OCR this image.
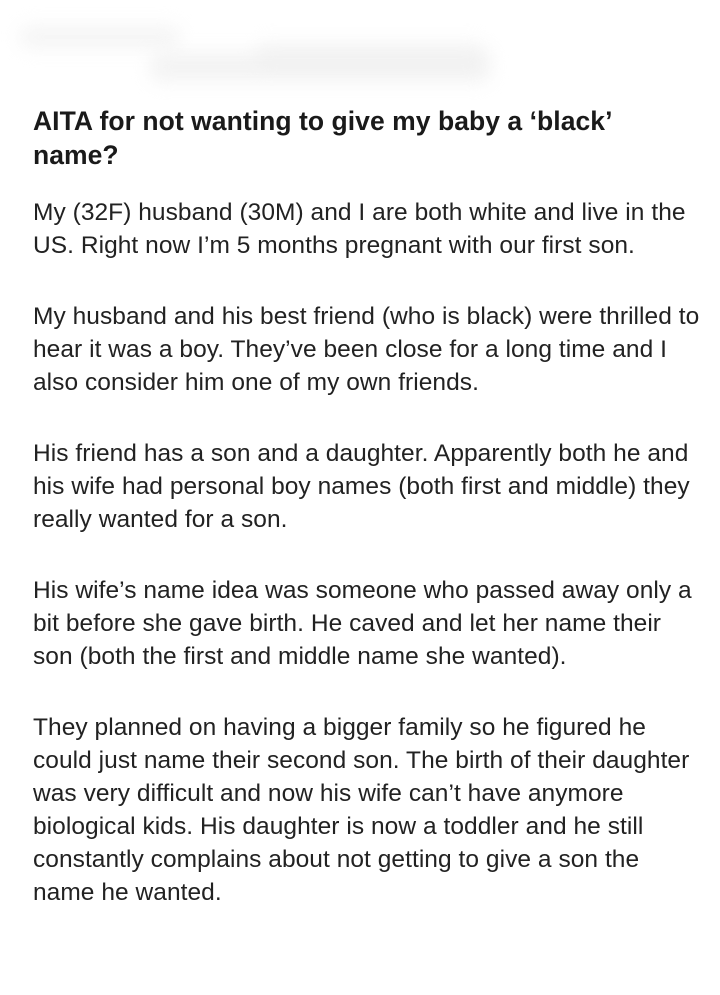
AITA for not wanting to give my baby a ‘black’ name?

My (32F) husband (30M) and I are both white and live in the US. Right now I’m 5 months pregnant with our first son.

My husband and his best friend (who is black) were thrilled to hear it was a boy. They’ve been close for a long time and I also consider him one of my own friends.

His friend has a son and a daughter. Apparently both he and his wife had personal boy names (both first and middle) they really wanted for a son.

His wife’s name idea was someone who passed away only a bit before she gave birth. He caved and let her name their son (both the first and middle name she wanted).

They planned on having a bigger family so he figured he could just name their second son. The birth of their daughter was very difficult and now his wife can’t have anymore biological kids. His daughter is now a toddler and he still constantly complains about not getting to give a son the name he wanted.
